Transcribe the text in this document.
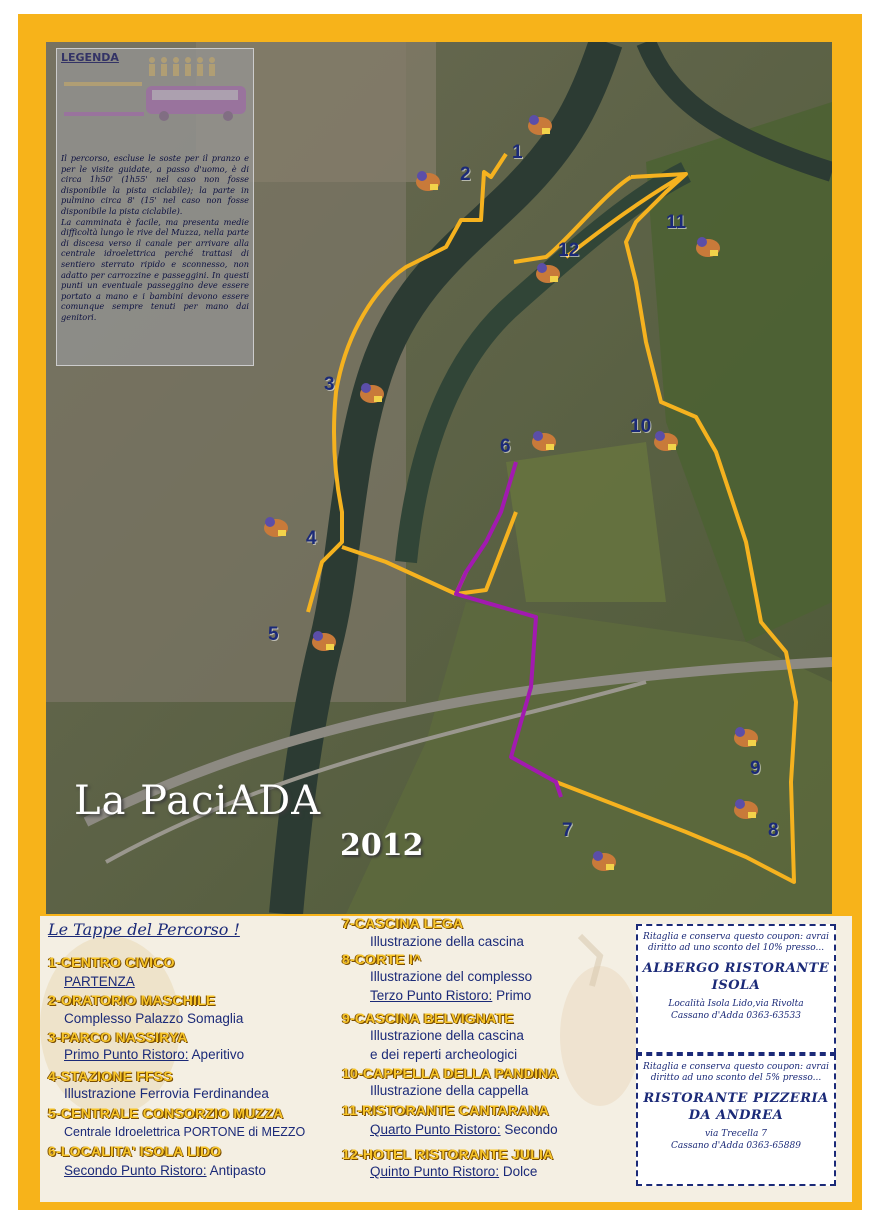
LEGENDA

Il percorso, escluse le soste per il pranzo e per le visite guidate, a passo d'uomo, è di circa 1h50' (1h55' nel caso non fosse disponibile la pista ciclabile); la parte in pulmino circa 8' (15' nel caso non fosse disponibile la pista ciclabile).

La camminata è facile, ma presenta medie difficoltà lungo le rive del Muzza, nella parte di discesa verso il canale per arrivare alla centrale idroelettrica perché trattasi di sentiero sterrato ripido e sconnesso, non adatto per carrozzine e passeggini. In questi punti un eventuale passeggino deve essere portato a mano e i bambini devono essere comunque sempre tenuti per mano dai genitori.

1
2
3
4
5
6
7	8
9
10
11
12
La PaciADA
2012
Le Tappe del Percorso !
1-CENTRO CIVICO
PARTENZA
2-ORATORIO MASCHILE
Complesso Palazzo Somaglia
3-PARCO NASSIRYA
Primo Punto Ristoro: Aperitivo
4-STAZIONE FFSS
Illustrazione Ferrovia Ferdinandea
5-CENTRALE CONSORZIO MUZZA
Centrale Idroelettrica PORTONE di MEZZO
6-LOCALITA' ISOLA LIDO
Secondo Punto Ristoro: Antipasto
7-CASCINA LEGA
Illustrazione della cascina
8-CORTE I^
Illustrazione del complesso
Terzo Punto Ristoro: Primo
9-CASCINA BELVIGNATE
Illustrazione della cascina
e dei reperti archeologici
10-CAPPELLA DELLA PANDINA
Illustrazione della cappella
11-RISTORANTE CANTARANA
Quarto Punto Ristoro: Secondo
12-HOTEL RISTORANTE JULIA
Quinto Punto Ristoro: Dolce
Ritaglia e conserva questo coupon: avrai diritto ad uno sconto del 10% presso...
ALBERGO RISTORANTE ISOLA
Località Isola Lido,via Rivolta
Cassano d'Adda 0363-63533
Ritaglia e conserva questo coupon: avrai diritto ad uno sconto del 5% presso...
RISTORANTE PIZZERIA DA ANDREA
via Trecella 7
Cassano d'Adda 0363-65889
